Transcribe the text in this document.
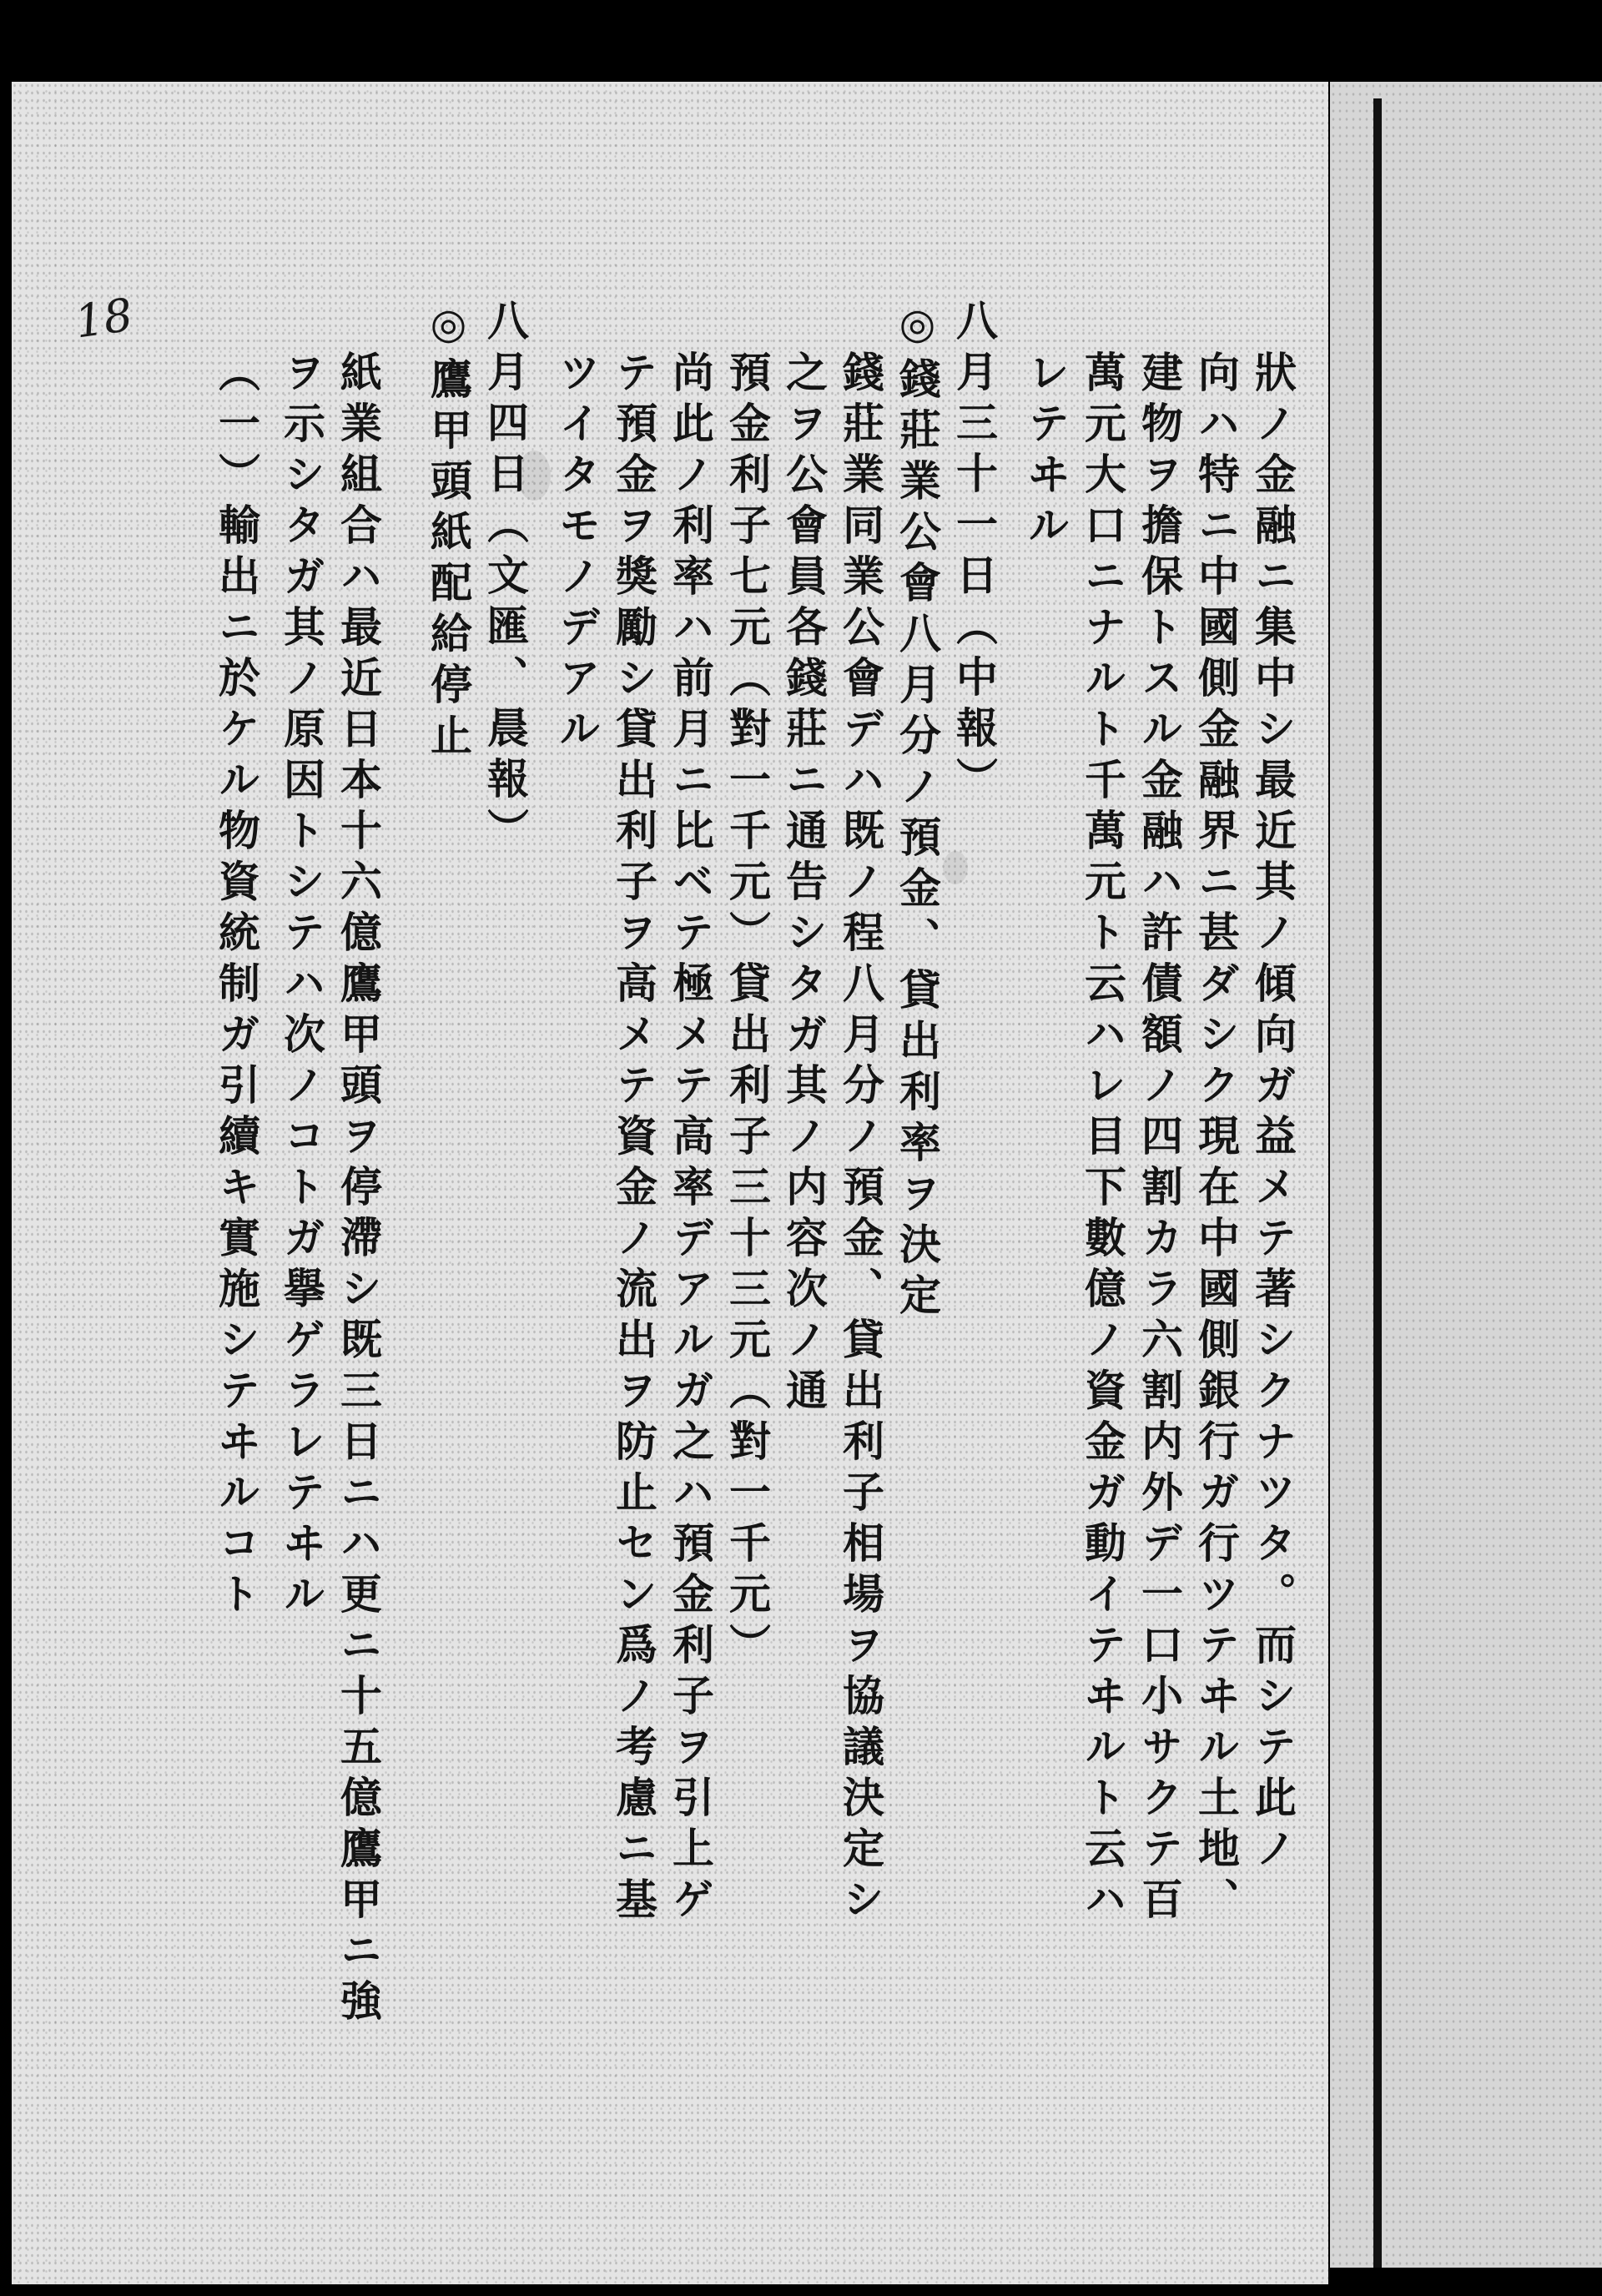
18
狀ノ金融ニ集中シ最近其ノ傾向ガ益メテ著シクナツタ。而シテ此ノ
向ハ特ニ中國側金融界ニ甚ダシク現在中國側銀行ガ行ツテヰル土地、
建物ヲ擔保トスル金融ハ許債額ノ四割カラ六割内外デ一口小サクテ百
萬元大口ニナルト千萬元ト云ハレ目下數億ノ資金ガ動イテヰルト云ハ
レテヰル
八月三十一日（中報）
◎錢莊業公會八月分ノ預金、貸出利率ヲ決定
錢莊業同業公會デハ既ノ程八月分ノ預金、貸出利子相場ヲ協議決定シ
之ヲ公會員各錢莊ニ通告シタガ其ノ内容次ノ通
預金利子七元（對一千元）貸出利子三十三元（對一千元）
尚此ノ利率ハ前月ニ比ベテ極メテ高率デアルガ之ハ預金利子ヲ引上ゲ
テ預金ヲ獎勵シ貸出利子ヲ高メテ資金ノ流出ヲ防止セン爲ノ考慮ニ基
ツイタモノデアル
八月四日（文匯、晨報）
◎鷹甲頭紙配給停止
紙業組合ハ最近日本十六億鷹甲頭ヲ停滯シ既三日ニハ更ニ十五億鷹甲ニ強
ヲ示シタガ其ノ原因トシテハ次ノコトガ擧ゲラレテヰル
（一）輸出ニ於ケル物資統制ガ引續キ實施シテヰルコト
